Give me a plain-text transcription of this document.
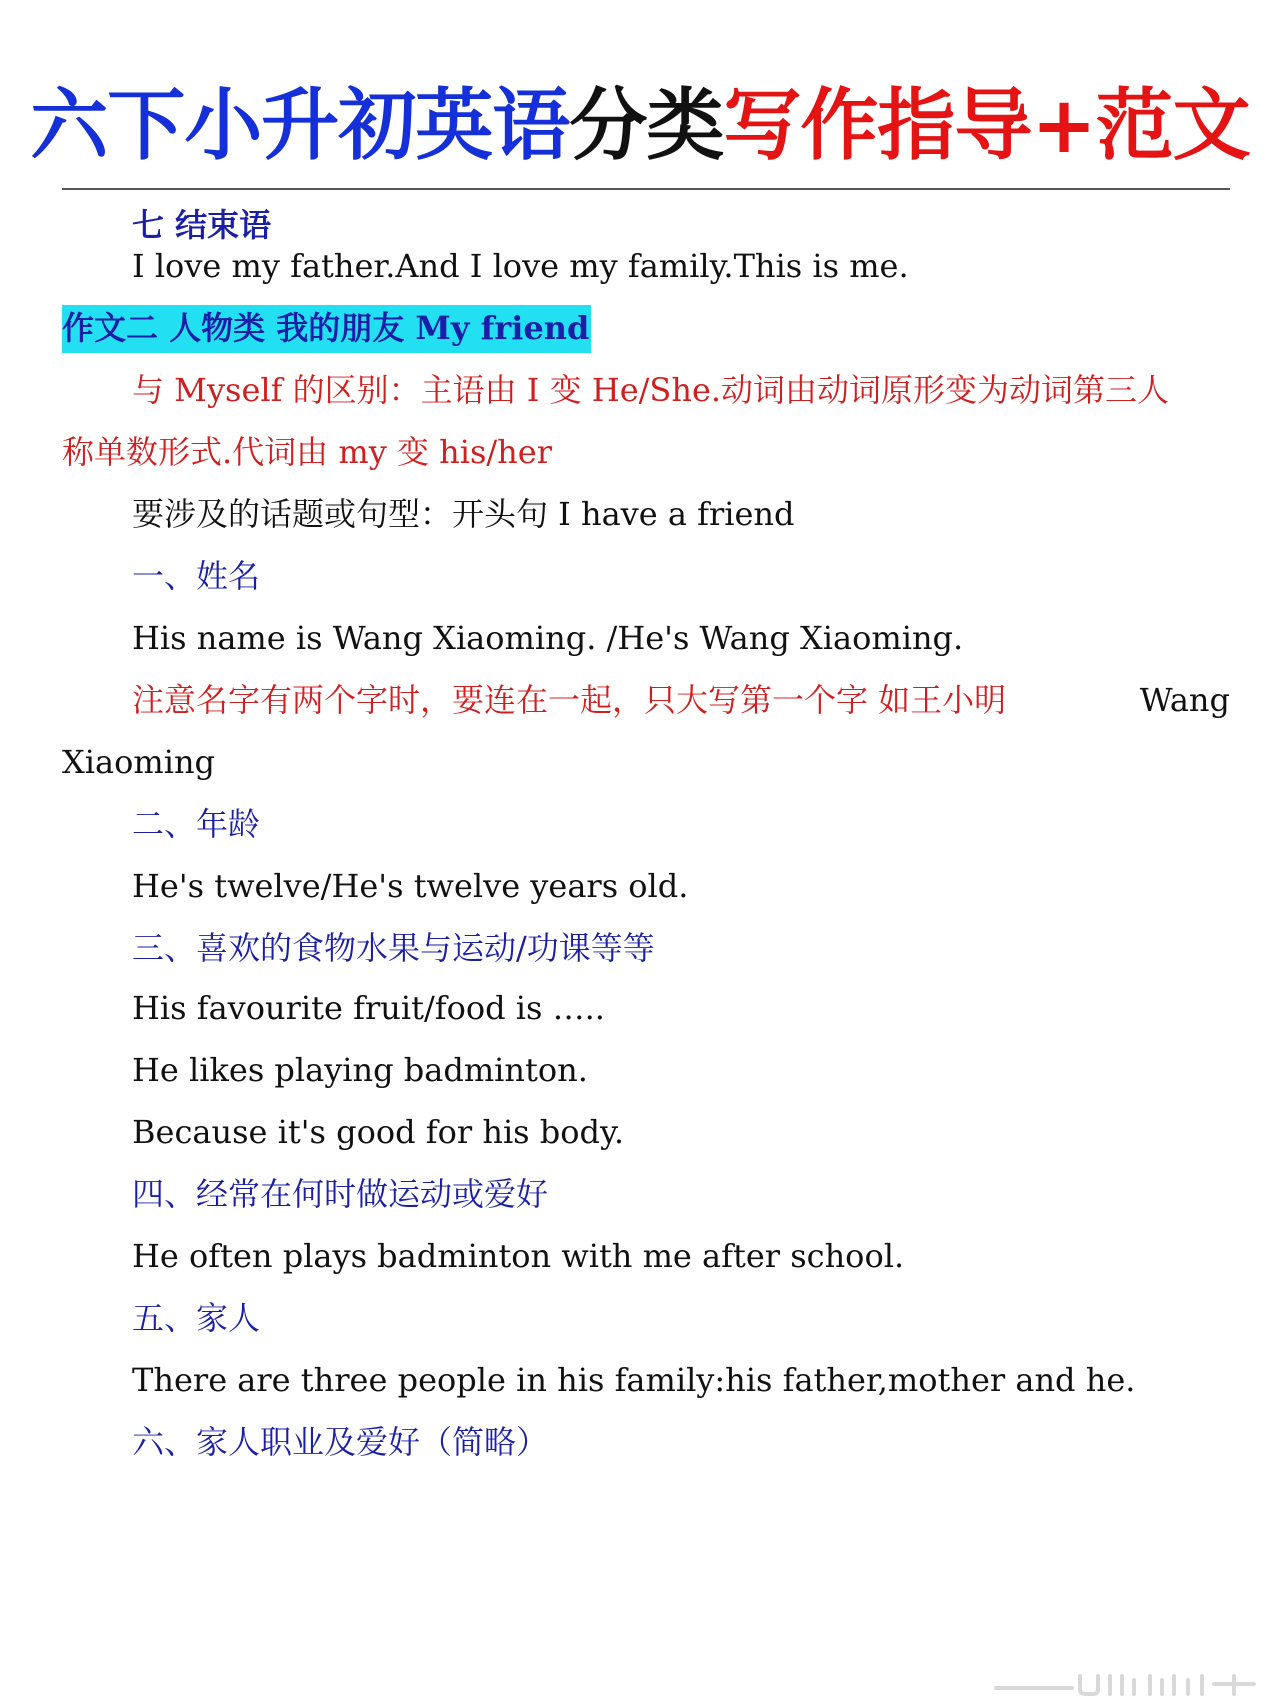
六下小升初英语分类写作指导+范文
七 结束语
I love my father.And I love my family.This is me.
作文二 人物类 我的朋友 My friend
与 Myself 的区别：主语由 I 变 He/She.动词由动词原形变为动词第三人
称单数形式.代词由 my 变 his/her
要涉及的话题或句型：开头句 I have a friend
一、姓名
His name is Wang Xiaoming. /He's Wang Xiaoming.
注意名字有两个字时，要连在一起，只大写第一个字 如王小明	Wang
Xiaoming
二、年龄
He's twelve/He's twelve years old.
三、喜欢的食物水果与运动/功课等等
His favourite fruit/food is …..
He likes playing badminton.
Because it's good for his body.
四、经常在何时做运动或爱好
He often plays badminton with me after school.
五、家人
There are three people in his family:his father,mother and he.
六、家人职业及爱好（简略）
